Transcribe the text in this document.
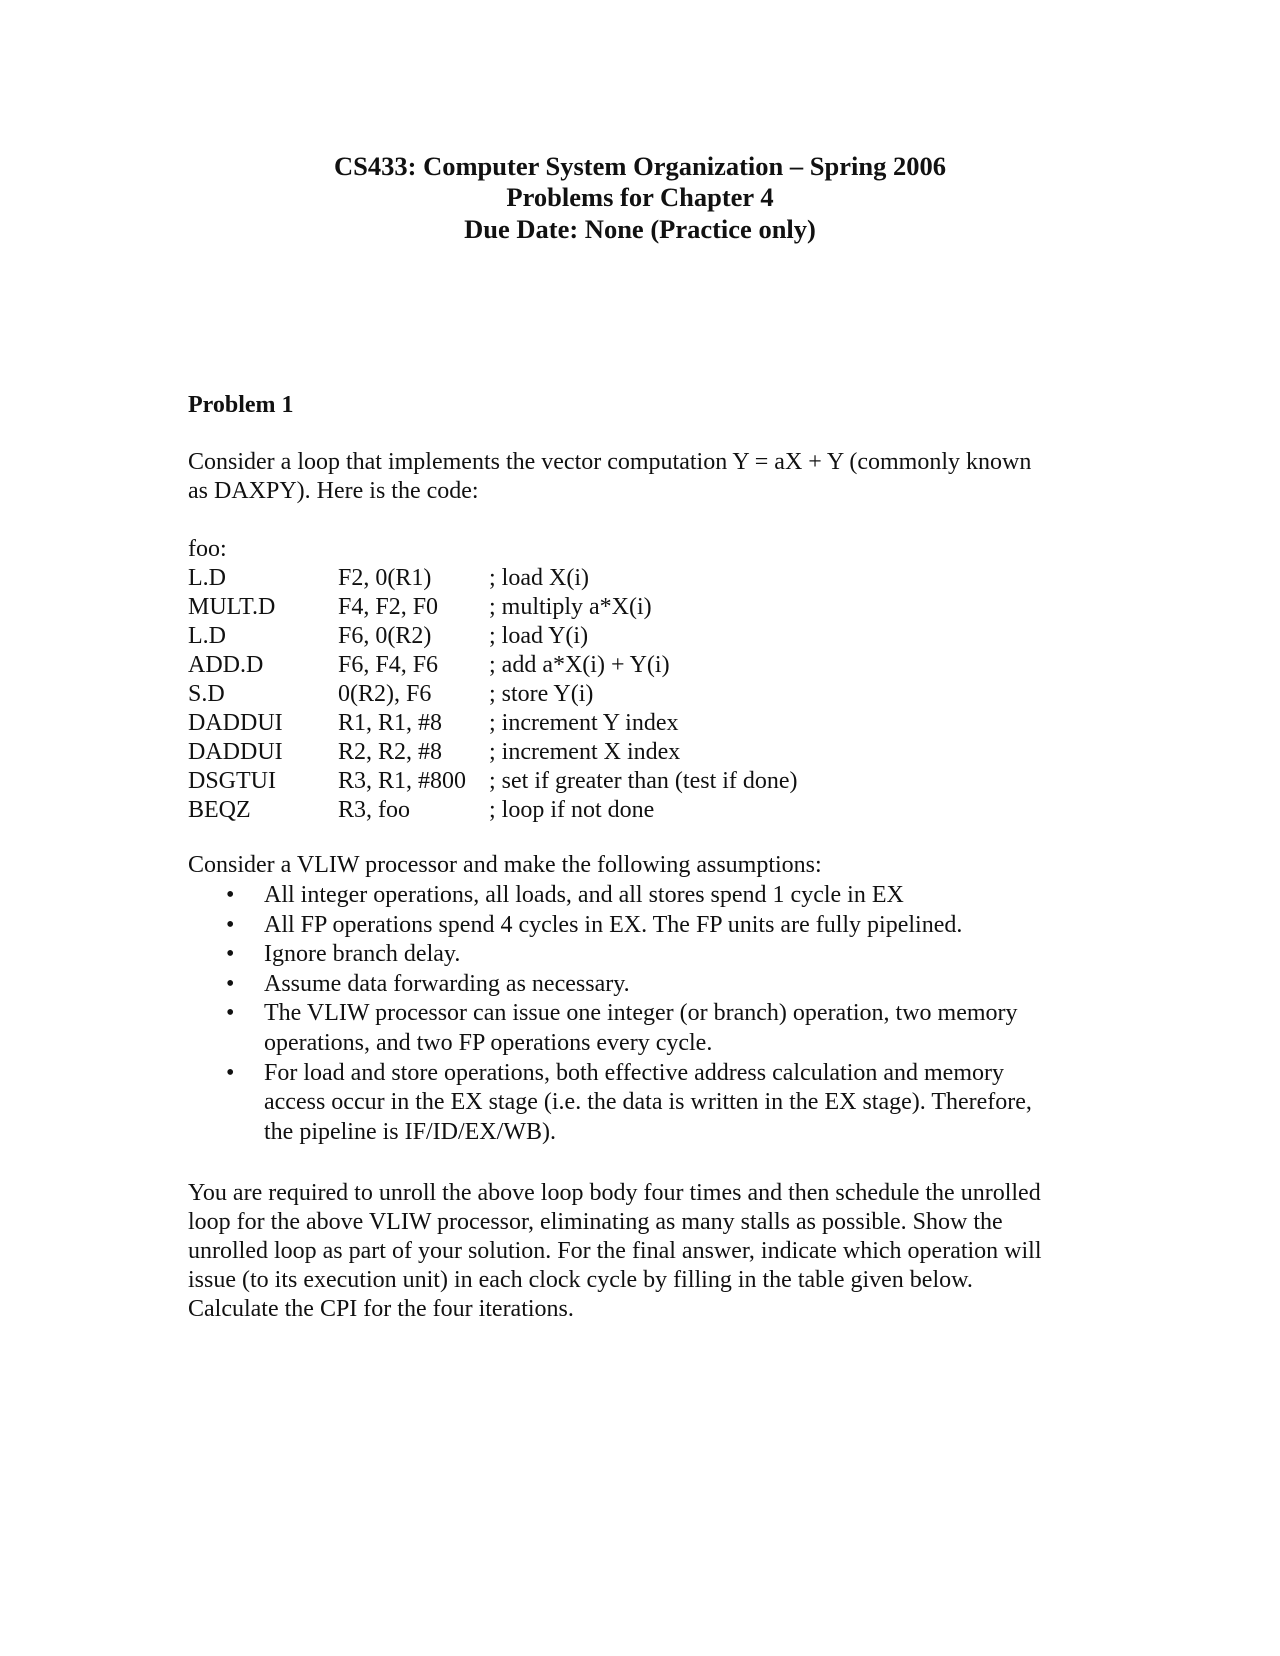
CS433: Computer System Organization – Spring 2006
Problems for Chapter 4
Due Date: None (Practice only)
Problem 1
Consider a loop that implements the vector computation Y = aX + Y (commonly known
as DAXPY). Here is the code:
foo:
L.D	F2, 0(R1) ; load X(i)
MULT.D	F4, F2, F0 ; multiply a*X(i)
L.D	F6, 0(R2) ; load Y(i)
ADD.D	F6, F4, F6 ; add a*X(i) + Y(i)
S.D	0(R2), F6 ; store Y(i)
DADDUI R1, R1, #8 ; increment Y index
DADDUI R2, R2, #8 ; increment X index
DSGTUI	R3, R1, #800 ; set if greater than (test if done)
BEQZ	R3, foo	; loop if not done
Consider a VLIW processor and make the following assumptions:
• All integer operations, all loads, and all stores spend 1 cycle in EX
• All FP operations spend 4 cycles in EX. The FP units are fully pipelined.
• Ignore branch delay.
• Assume data forwarding as necessary.
• The VLIW processor can issue one integer (or branch) operation, two memory
operations, and two FP operations every cycle.
• For load and store operations, both effective address calculation and memory
access occur in the EX stage (i.e. the data is written in the EX stage). Therefore,
the pipeline is IF/ID/EX/WB).
You are required to unroll the above loop body four times and then schedule the unrolled
loop for the above VLIW processor, eliminating as many stalls as possible. Show the
unrolled loop as part of your solution. For the final answer, indicate which operation will
issue (to its execution unit) in each clock cycle by filling in the table given below.
Calculate the CPI for the four iterations.
